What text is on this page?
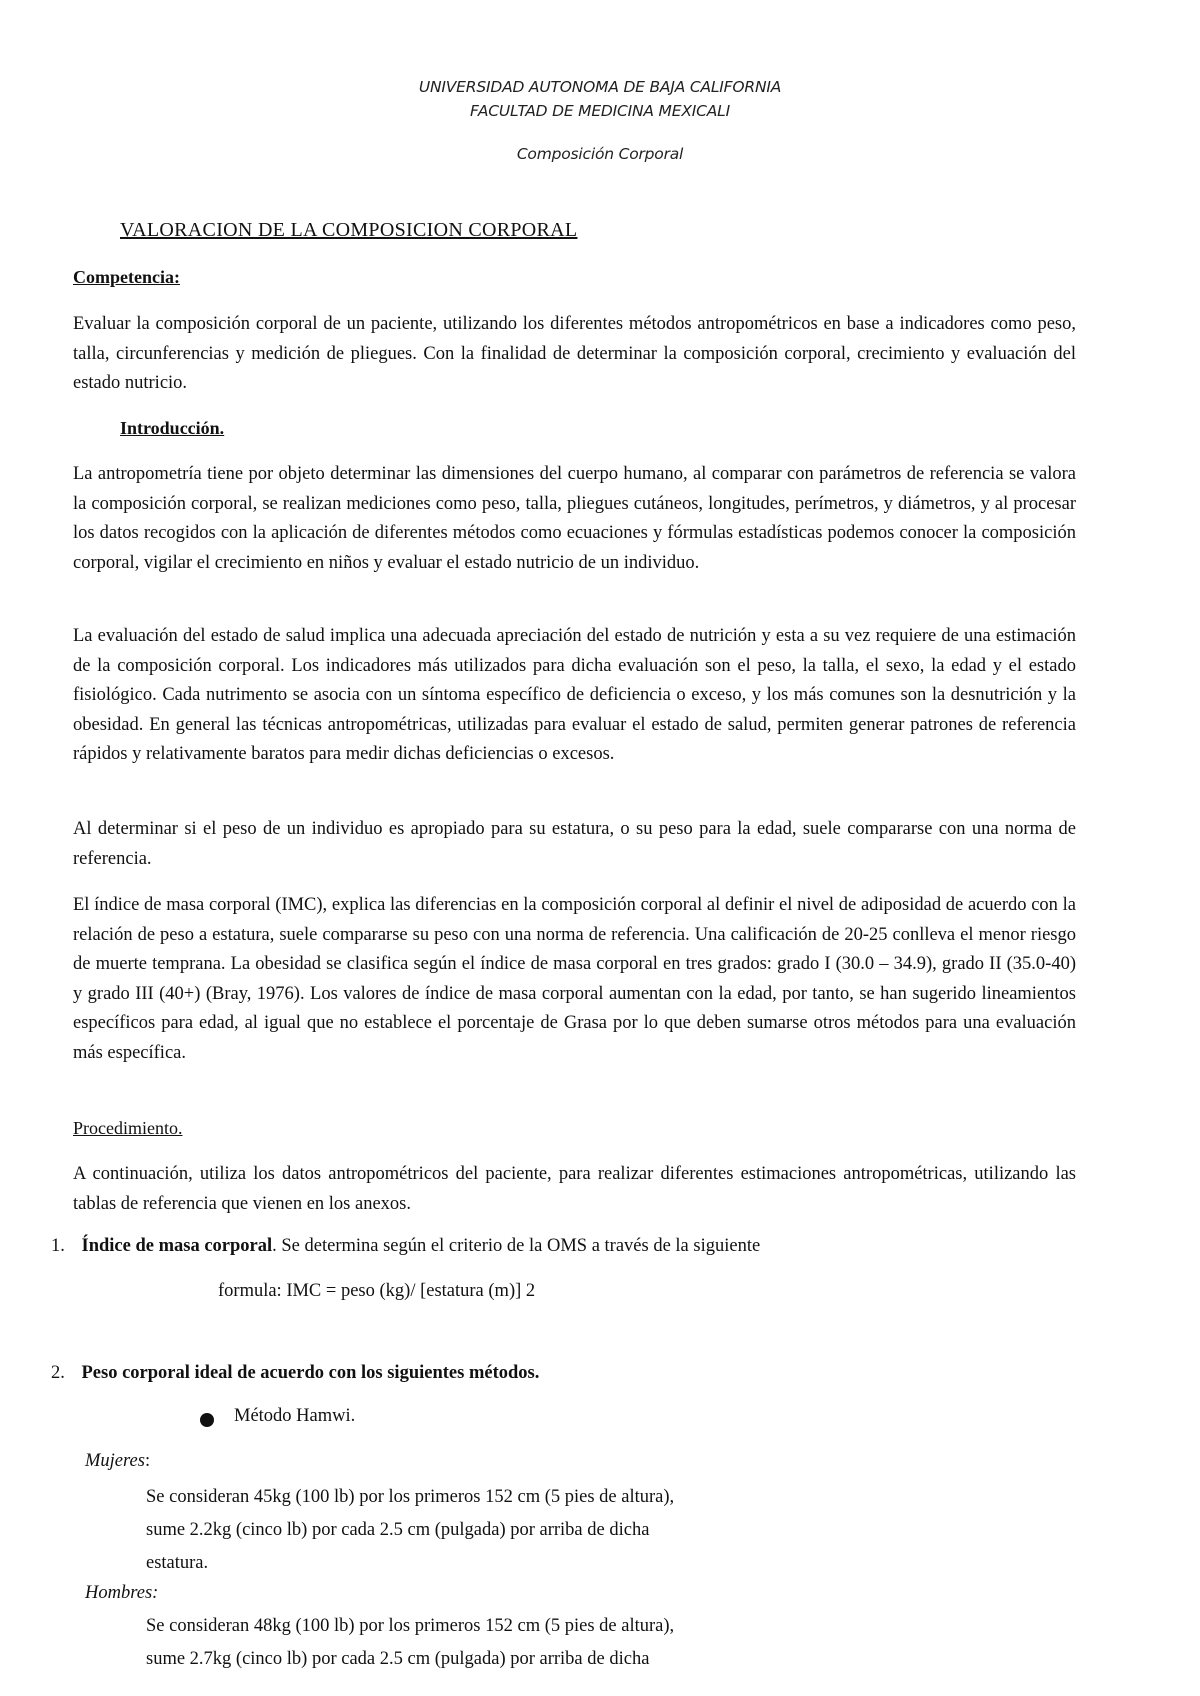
UNIVERSIDAD AUTONOMA DE BAJA CALIFORNIA
FACULTAD DE MEDICINA MEXICALI
Composición Corporal
VALORACION DE LA COMPOSICION CORPORAL
Competencia:

Evaluar la composición corporal de un paciente, utilizando los diferentes métodos antropométricos en base a indicadores como peso, talla, circunferencias y medición de pliegues. Con la finalidad de determinar la composición corporal, crecimiento y evaluación del estado nutricio.

Introducción.

La antropometría tiene por objeto determinar las dimensiones del cuerpo humano, al comparar con parámetros de referencia se valora la composición corporal, se realizan mediciones como peso, talla, pliegues cutáneos, longitudes, perímetros, y diámetros, y al procesar los datos recogidos con la aplicación de diferentes métodos como ecuaciones y fórmulas estadísticas podemos conocer la composición corporal, vigilar el crecimiento en niños y evaluar el estado nutricio de un individuo.

La evaluación del estado de salud implica una adecuada apreciación del estado de nutrición y esta a su vez requiere de una estimación de la composición corporal. Los indicadores más utilizados para dicha evaluación son el peso, la talla, el sexo, la edad y el estado fisiológico. Cada nutrimento se asocia con un síntoma específico de deficiencia o exceso, y los más comunes son la desnutrición y la obesidad. En general las técnicas antropométricas, utilizadas para evaluar el estado de salud, permiten generar patrones de referencia rápidos y relativamente baratos para medir dichas deficiencias o excesos.

Al determinar si el peso de un individuo es apropiado para su estatura, o su peso para la edad, suele compararse con una norma de referencia.

El índice de masa corporal (IMC), explica las diferencias en la composición corporal al definir el nivel de adiposidad de acuerdo con la relación de peso a estatura, suele compararse su peso con una norma de referencia. Una calificación de 20-25 conlleva el menor riesgo de muerte temprana. La obesidad se clasifica según el índice de masa corporal en tres grados: grado I (30.0 – 34.9), grado II (35.0-40) y grado III (40+) (Bray, 1976). Los valores de índice de masa corporal aumentan con la edad, por tanto, se han sugerido lineamientos específicos para edad, al igual que no establece el porcentaje de Grasa por lo que deben sumarse otros métodos para una evaluación más específica.

Procedimiento.

A continuación, utiliza los datos antropométricos del paciente, para realizar diferentes estimaciones antropométricas, utilizando las tablas de referencia que vienen en los anexos.

1. Índice de masa corporal. Se determina según el criterio de la OMS a través de la siguiente
formula: IMC = peso (kg)/ [estatura (m)] 2
2. Peso corporal ideal de acuerdo con los siguientes métodos.
Método Hamwi.
Mujeres:
Se consideran 45kg (100 lb) por los primeros 152 cm (5 pies de altura),
sume 2.2kg (cinco lb) por cada 2.5 cm (pulgada) por arriba de dicha
estatura.
Hombres:
Se consideran 48kg (100 lb) por los primeros 152 cm (5 pies de altura),
sume 2.7kg (cinco lb) por cada 2.5 cm (pulgada) por arriba de dicha
